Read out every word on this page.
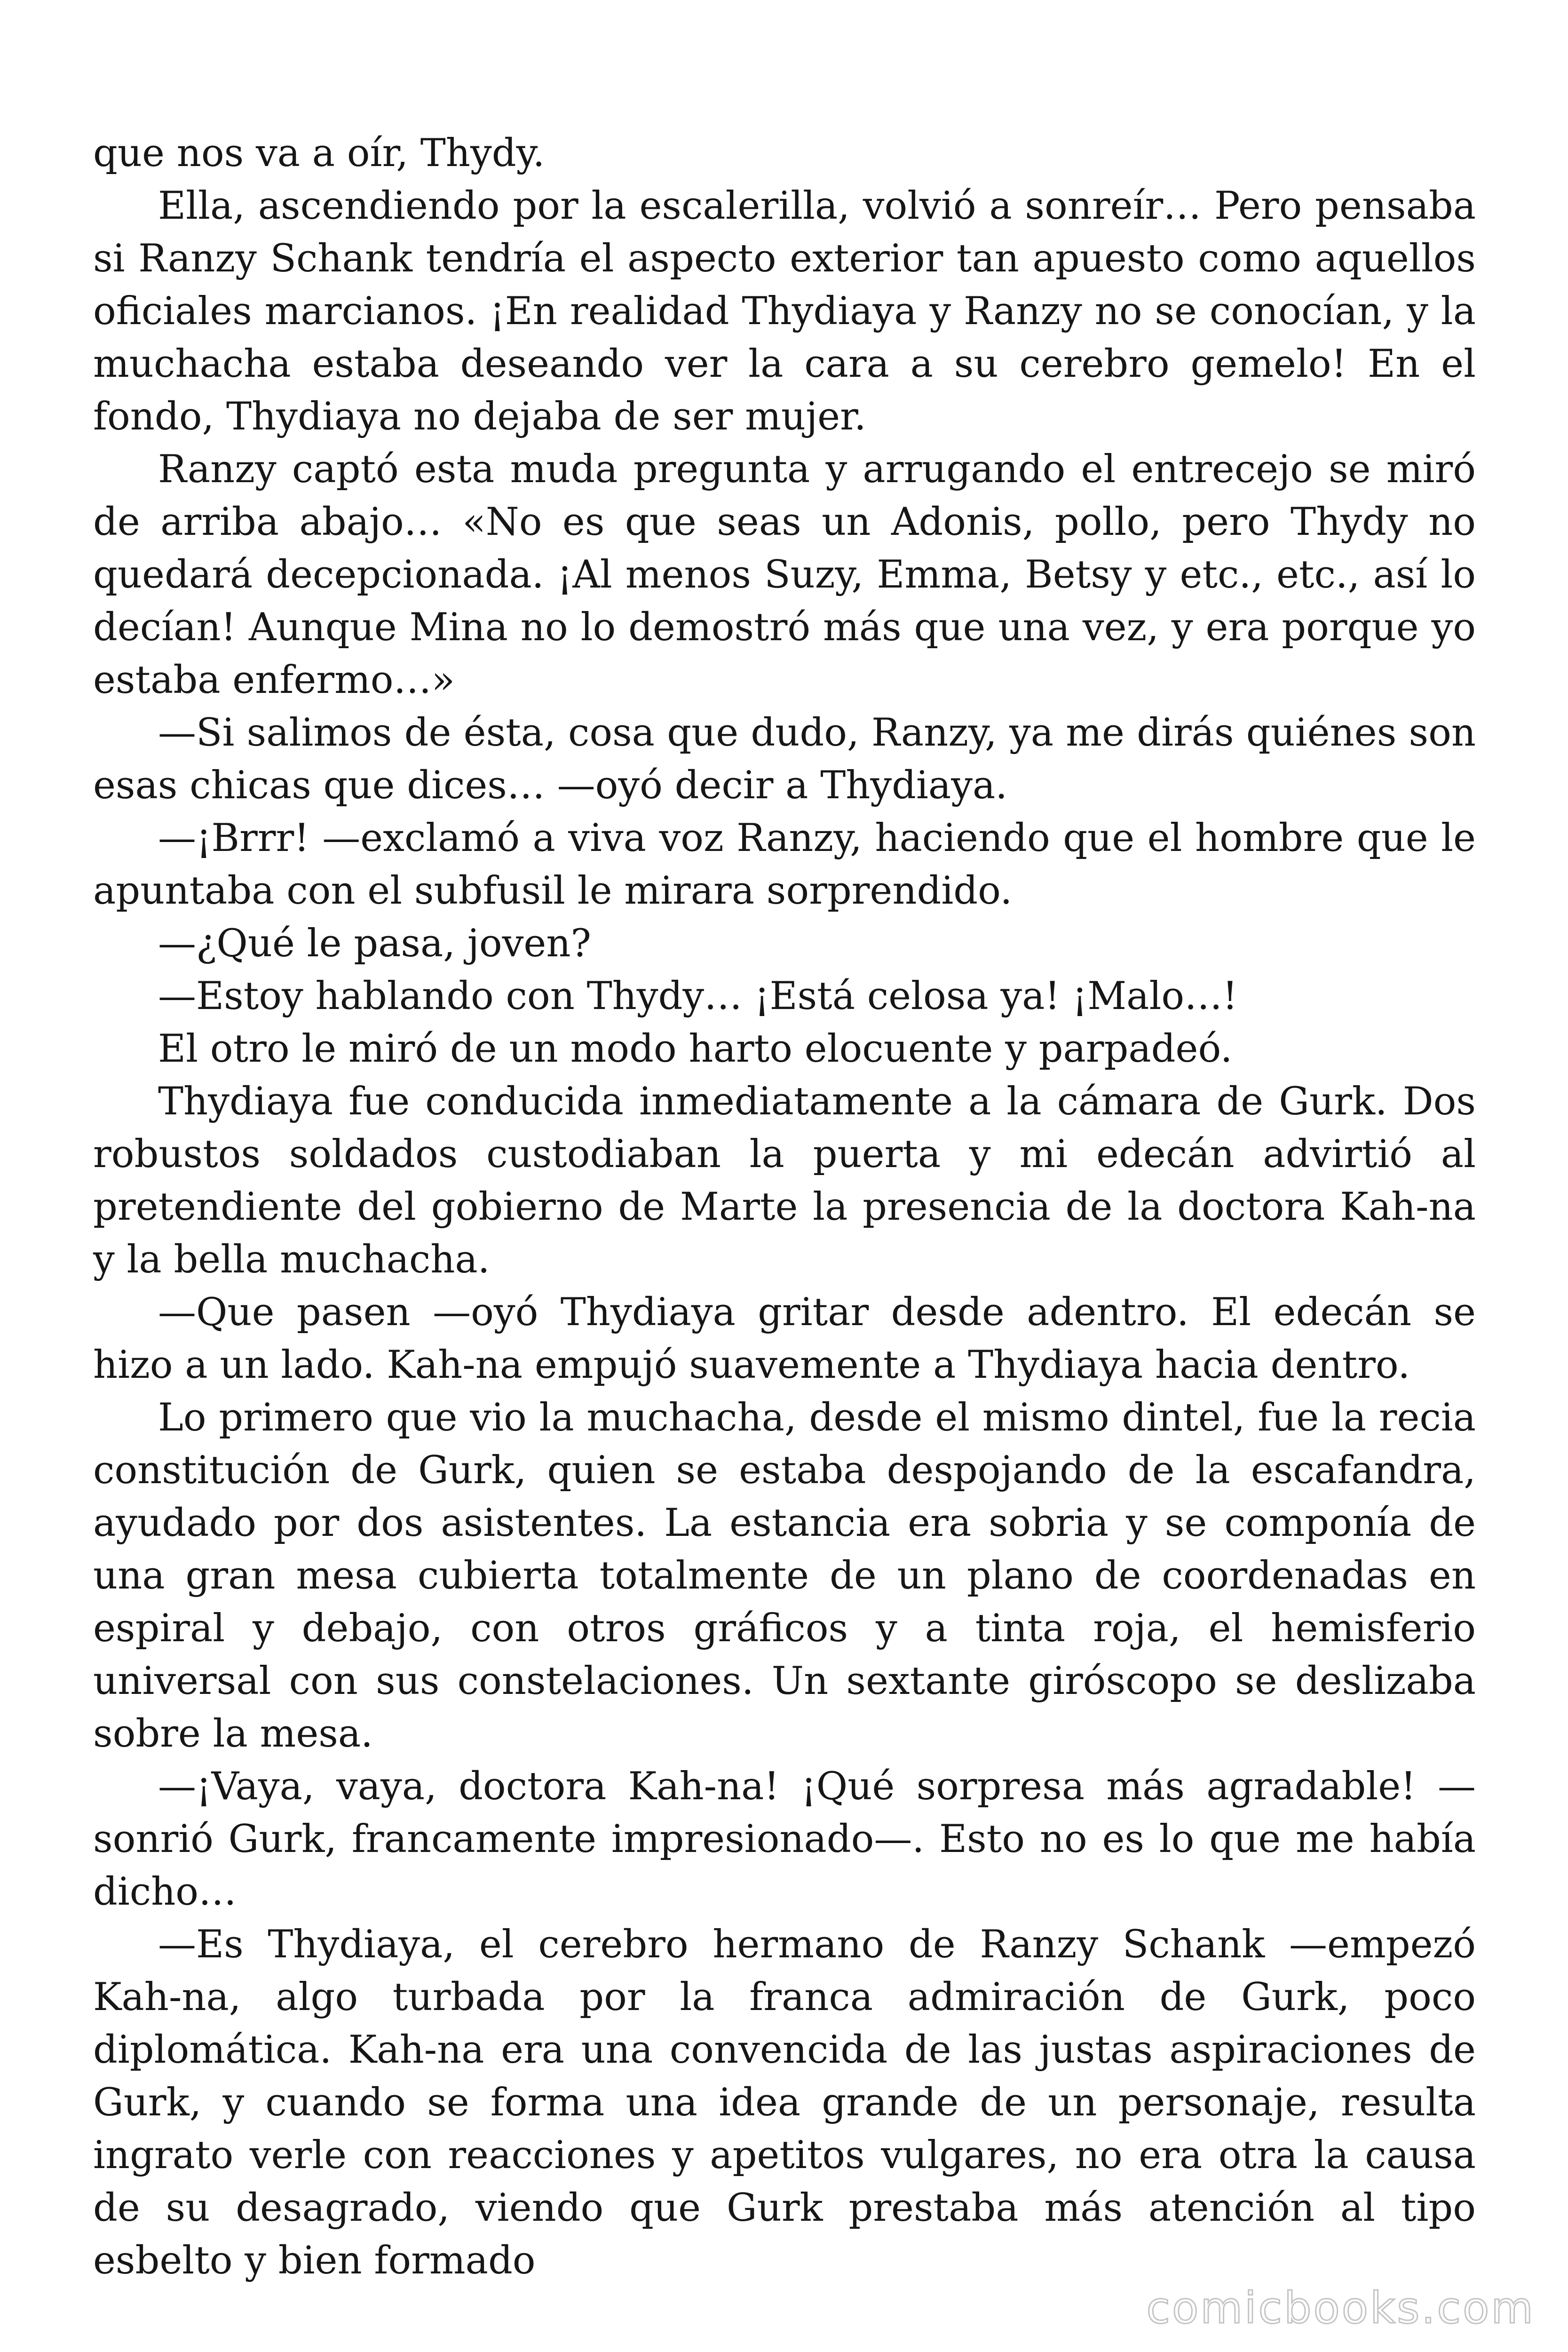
que nos va a oír, Thydy.

Ella, ascendiendo por la escalerilla, volvió a sonreír… Pero pensaba si Ranzy Schank tendría el aspecto exterior tan apuesto como aquellos oficiales marcianos. ¡En realidad Thydiaya y Ranzy no se conocían, y la muchacha estaba deseando ver la cara a su cerebro gemelo! En el fondo, Thydiaya no dejaba de ser mujer.

Ranzy captó esta muda pregunta y arrugando el entrecejo se miró de arriba abajo… «No es que seas un Adonis, pollo, pero Thydy no quedará decepcionada. ¡Al menos Suzy, Emma, Betsy y etc., etc., así lo decían! Aunque Mina no lo demostró más que una vez, y era porque yo estaba enfermo…»

—Si salimos de ésta, cosa que dudo, Ranzy, ya me dirás quiénes son esas chicas que dices… —oyó decir a Thydiaya.

—¡Brrr! —exclamó a viva voz Ranzy, haciendo que el hombre que le apuntaba con el subfusil le mirara sorprendido.

—¿Qué le pasa, joven?

—Estoy hablando con Thydy… ¡Está celosa ya! ¡Malo…!

El otro le miró de un modo harto elocuente y parpadeó.

Thydiaya fue conducida inmediatamente a la cámara de Gurk. Dos robustos soldados custodiaban la puerta y mi edecán advirtió al pretendiente del gobierno de Marte la presencia de la doctora Kah-na y la bella muchacha.

—Que pasen —oyó Thydiaya gritar desde adentro. El edecán se hizo a un lado. Kah-na empujó suavemente a Thydiaya hacia dentro.

Lo primero que vio la muchacha, desde el mismo dintel, fue la recia constitución de Gurk, quien se estaba despojando de la escafandra, ayudado por dos asistentes. La estancia era sobria y se componía de una gran mesa cubierta totalmente de un plano de coordenadas en espiral y debajo, con otros gráficos y a tinta roja, el hemisferio universal con sus constelaciones. Un sextante giróscopo se deslizaba sobre la mesa.

—¡Vaya, vaya, doctora Kah-na! ¡Qué sorpresa más agradable! —sonrió Gurk, francamente impresionado—. Esto no es lo que me había dicho…

—Es Thydiaya, el cerebro hermano de Ranzy Schank —empezó Kah-na, algo turbada por la franca admiración de Gurk, poco diplomática. Kah-na era una convencida de las justas aspiraciones de Gurk, y cuando se forma una idea grande de un personaje, resulta ingrato verle con reacciones y apetitos vulgares, no era otra la causa de su desagrado, viendo que Gurk prestaba más atención al tipo esbelto y bien formado

comicbooks.com
